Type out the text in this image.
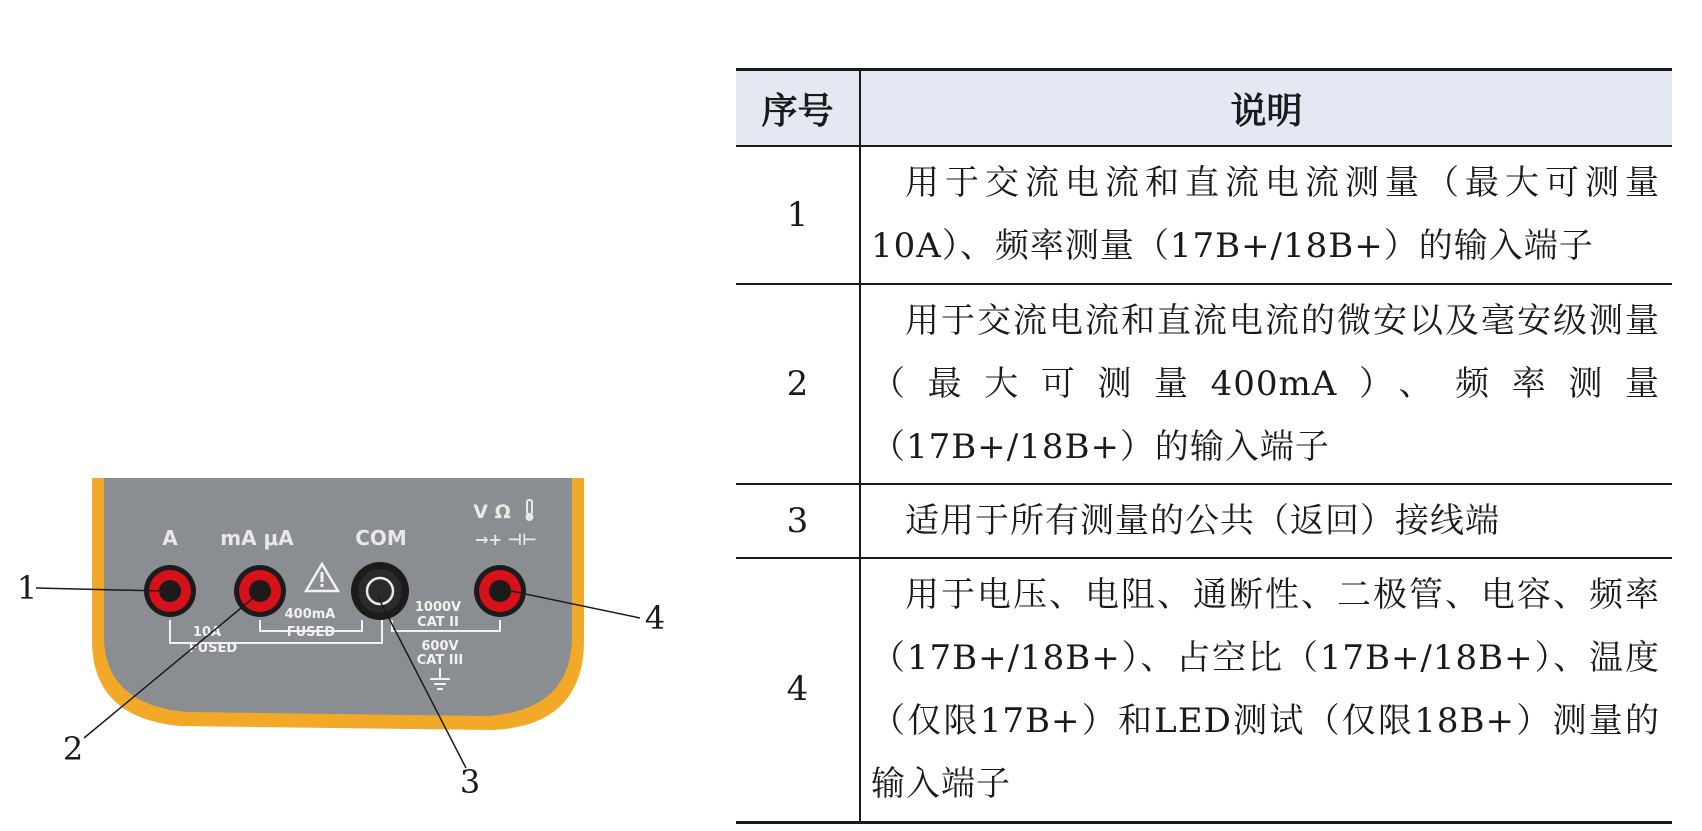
A mA μA	COM
V Ω
→+ ⊣⊢
10A
FUSED
400mA
FUSED
1000V
CAT II
600V
CAT III
1
2
3
4
序号	说明
1	用于交流电流和直流电流测量（最大可测量10A）、频率测量（17B+/18B+）的输入端子
2	用于交流电流和直流电流的微安以及毫安级测量（最大可测量400mA）、频率测量（17B+/18B+）的输入端子
3	适用于所有测量的公共（返回）接线端
4	用于电压、电阻、通断性、二极管、电容、频率（17B+/18B+）、占空比（17B+/18B+）、温度（仅限17B+）和LED测试（仅限18B+）测量的输入端子
